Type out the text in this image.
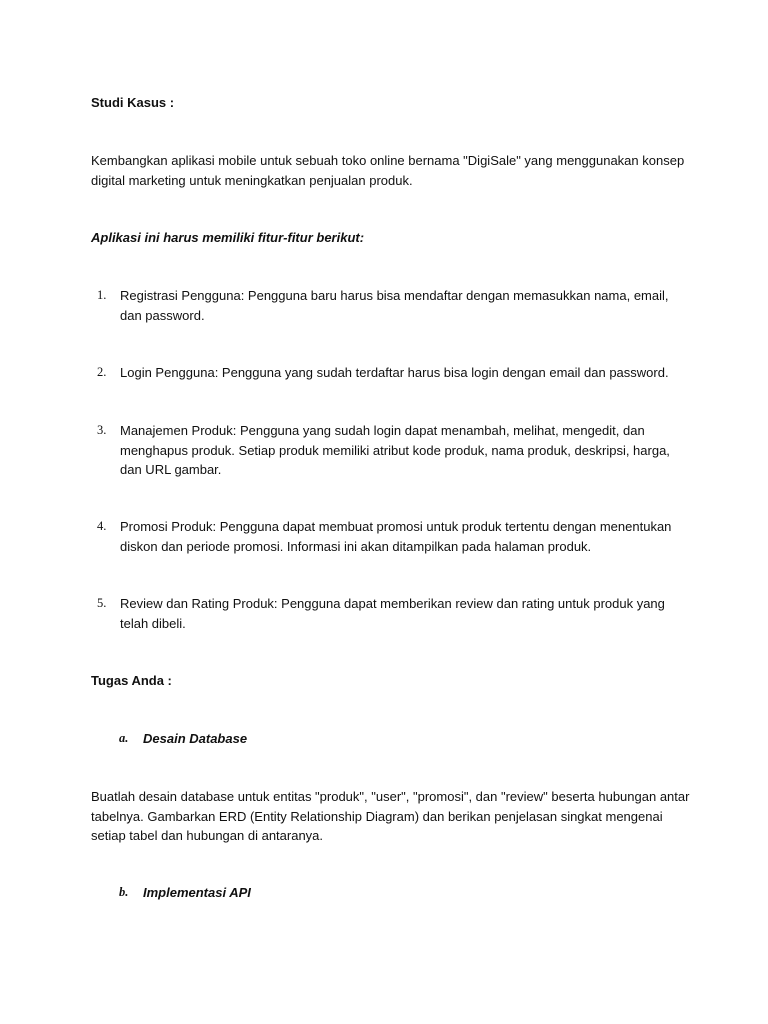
Studi Kasus :
Kembangkan aplikasi mobile untuk sebuah toko online bernama "DigiSale" yang menggunakan konsep digital marketing untuk meningkatkan penjualan produk.
Aplikasi ini harus memiliki fitur-fitur berikut:
1.	Registrasi Pengguna: Pengguna baru harus bisa mendaftar dengan memasukkan nama, email, dan password.
2.	Login Pengguna: Pengguna yang sudah terdaftar harus bisa login dengan email dan password.
3.	Manajemen Produk: Pengguna yang sudah login dapat menambah, melihat, mengedit, dan menghapus produk. Setiap produk memiliki atribut kode produk, nama produk, deskripsi, harga, dan URL gambar.
4.	Promosi Produk: Pengguna dapat membuat promosi untuk produk tertentu dengan menentukan diskon dan periode promosi. Informasi ini akan ditampilkan pada halaman produk.
5.	Review dan Rating Produk: Pengguna dapat memberikan review dan rating untuk produk yang telah dibeli.
Tugas Anda :
a. Desain Database
Buatlah desain database untuk entitas "produk", "user", "promosi", dan "review" beserta hubungan antar tabelnya. Gambarkan ERD (Entity Relationship Diagram) dan berikan penjelasan singkat mengenai setiap tabel dan hubungan di antaranya.
b. Implementasi API
